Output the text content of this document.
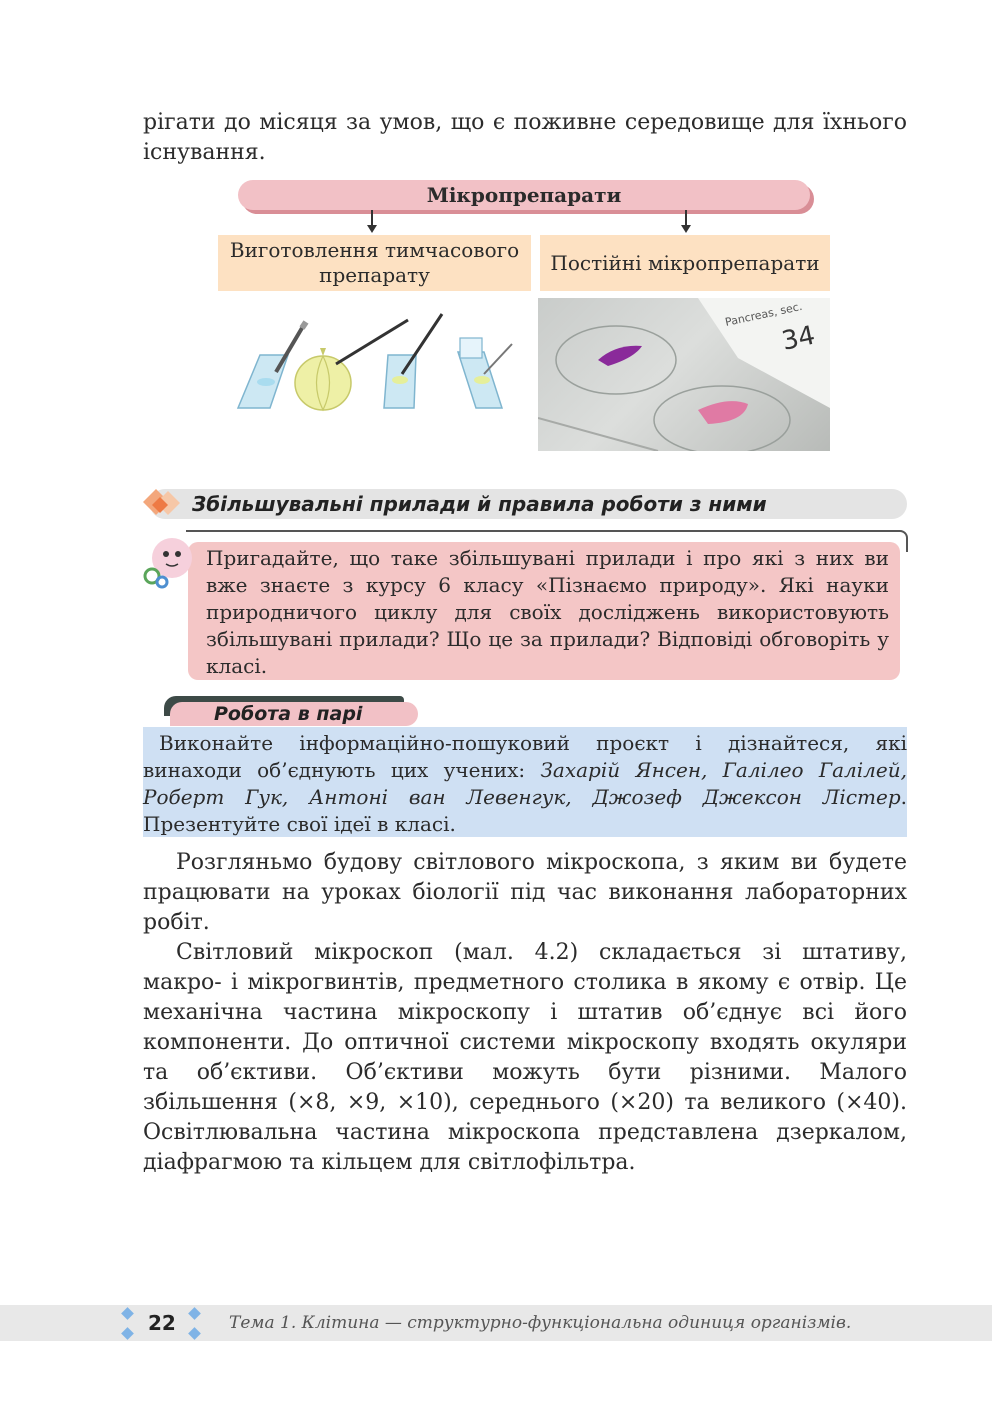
рігати до місяця за умов, що є поживне середовище для їхнього існування.

Мікропрепарати
Виготовлення тимчасового препарату
Постійні мікропрепарати
Pancreas, sec.
34
Збільшувальні прилади й правила роботи з ними

Пригадайте, що таке збільшувані прилади і про які з них ви вже знаєте з курсу 6 класу «Пізнаємо природу». Які науки природничого циклу для своїх досліджень використовують збільшувані прилади? Що це за прилади? Відповіді обговоріть у класі.

Робота в парі

Виконайте інформаційно-пошуковий проєкт і дізнайтеся, які винаходи об’єднують цих учених: Захарій Янсен, Галілео Галілей, Роберт Гук, Антоні ван Левенгук, Джозеф Джексон Лістер. Презентуйте свої ідеї в класі.

Розгляньмо будову світлового мікроскопа, з яким ви будете працювати на уроках біології під час виконання лабораторних робіт.

Світловий мікроскоп (мал. 4.2) складається зі штативу, макро- і мікрогвинтів, предметного столика в якому є отвір. Це механічна частина мікроскопу і штатив об’єднує всі його компоненти. До оптичної системи мікроскопу входять окуляри та об’єктиви. Об’єктиви можуть бути різними. Малого збільшення (×8, ×9, ×10), середнього (×20) та великого (×40). Освітлювальна частина мікроскопа представлена дзеркалом, діафрагмою та кільцем для світлофільтра.

22	Тема 1. Клітина — структурно-функціональна одиниця організмів.
